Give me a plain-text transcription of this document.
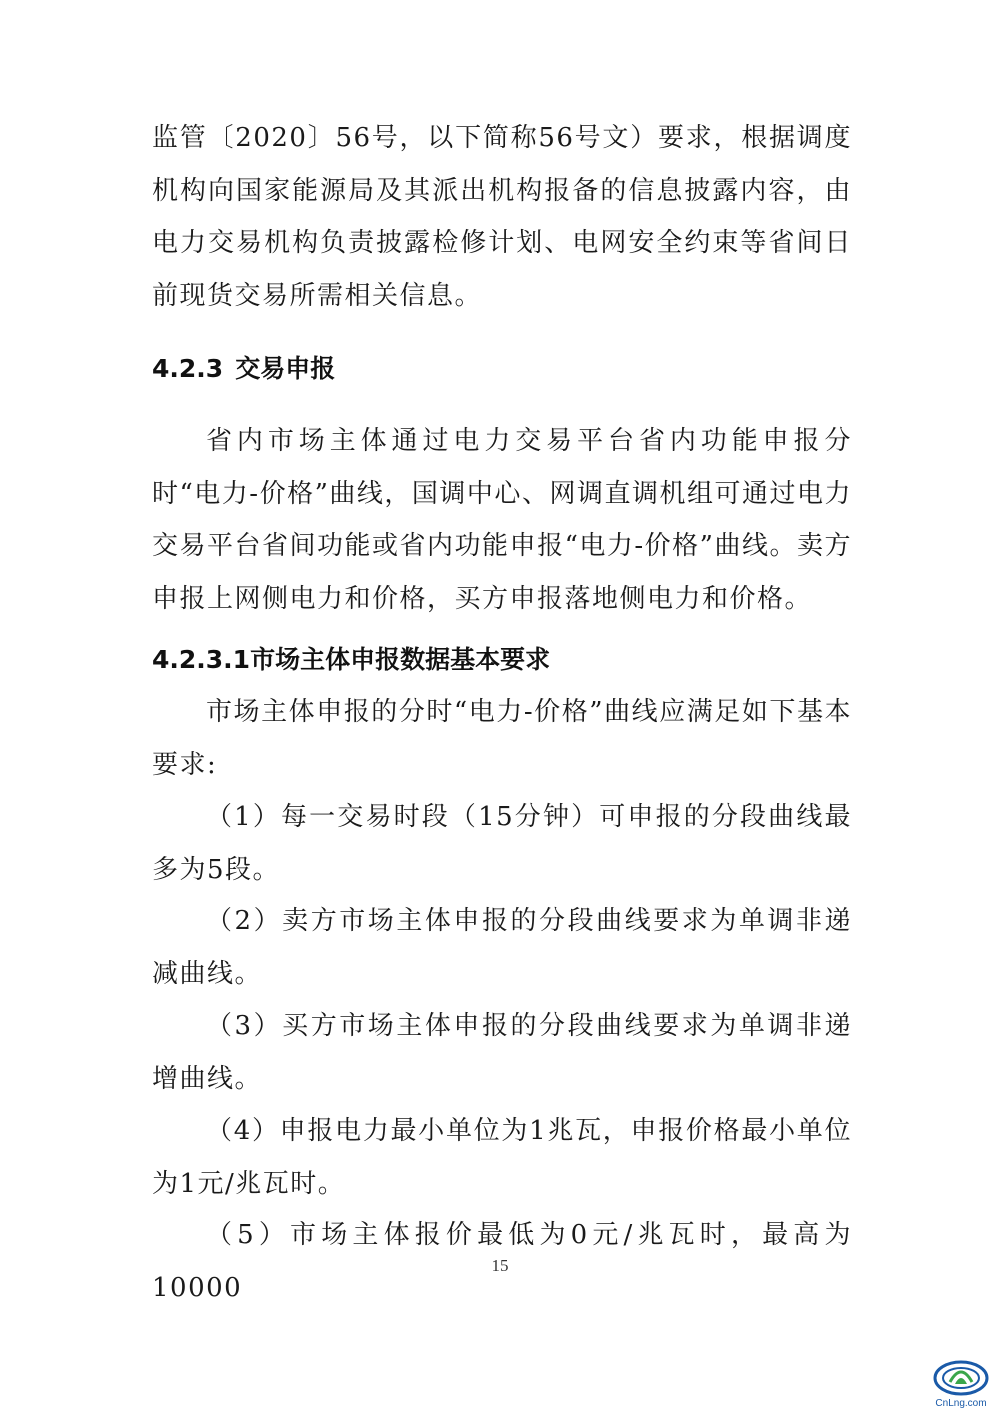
监管〔2020〕56号，以下简称56号文）要求，根据调度机构向国家能源局及其派出机构报备的信息披露内容，由电力交易机构负责披露检修计划、电网安全约束等省间日前现货交易所需相关信息。

4.2.3 交易申报

省内市场主体通过电力交易平台省内功能申报分时“电力-价格”曲线，国调中心、网调直调机组可通过电力交易平台省间功能或省内功能申报“电力-价格”曲线。卖方申报上网侧电力和价格，买方申报落地侧电力和价格。

4.2.3.1市场主体申报数据基本要求

市场主体申报的分时“电力-价格”曲线应满足如下基本要求:

（1）每一交易时段（15分钟）可申报的分段曲线最多为5段。

（2）卖方市场主体申报的分段曲线要求为单调非递减曲线。

（3）买方市场主体申报的分段曲线要求为单调非递增曲线。

（4）申报电力最小单位为1兆瓦，申报价格最小单位为1元/兆瓦时。

（5）市场主体报价最低为0元/兆瓦时，最高为10000

15
CnLng.com
